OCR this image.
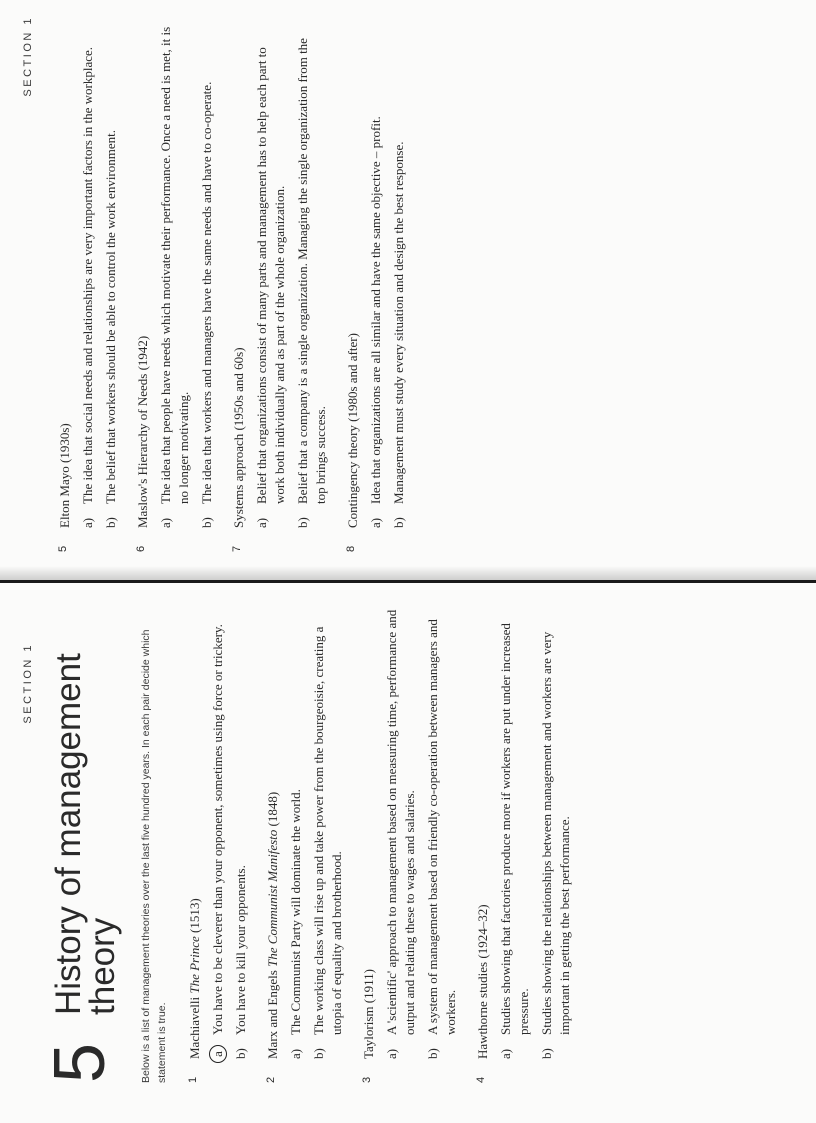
SECTION 1
5
History of management theory Below is a list of management theories over the last five hundred years. In each pair decide which statement is true. 1
Machiavelli The Prince (1513)
a
You have to be cleverer than your opponent, sometimes using force or trickery.
b)
You have to kill your opponents.
2
Marx and Engels The Communist Manifesto (1848)
a)
The Communist Party will dominate the world.
b)
The working class will rise up and take power from the bourgeoisie, creating a utopia of equality and brotherhood.
3
Taylorism (1911) a)
A 'scientific' approach to management based on measuring time, performance and output and relating these to wages and salaries.
b)
A system of management based on friendly co-operation between managers and workers.
4
Hawthorne studies (1924–32) a)
Studies showing that factories produce more if workers are put under increased pressure.
b)
Studies showing the relationships between management and workers are very important in getting the best performance.
SECTION 1
5
Elton Mayo (1930s) a)
The idea that social needs and relationships are very important factors in the workplace.
b)
The belief that workers should be able to control the work environment.
6
Maslow's Hierarchy of Needs (1942) a)
The idea that people have needs which motivate their performance. Once a need is met, it is no longer motivating.
b)
The idea that workers and managers have the same needs and have to co-operate.
7
Systems approach (1950s and 60s) a)
Belief that organizations consist of many parts and management has to help each part to work both individually and as part of the whole organization.
b)
Belief that a company is a single organization. Managing the single organization from the top brings success.
8
Contingency theory (1980s and after) a)
Idea that organizations are all similar and have the same objective – profit.
b)
Management must study every situation and design the best response.
